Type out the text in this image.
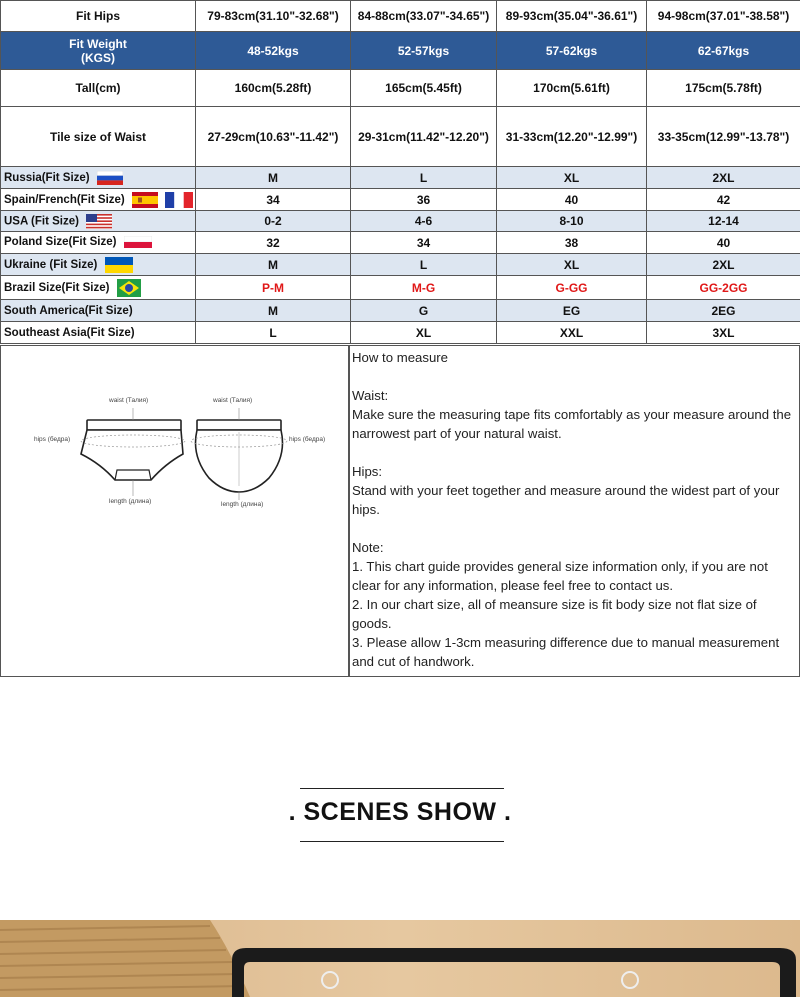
Fit Hips	79-83cm(31.10"-32.68")	84-88cm(33.07"-34.65")	89-93cm(35.04"-36.61")	94-98cm(37.01"-38.58")

Fit Weight
(KGS)	48-52kgs	52-57kgs	57-62kgs	62-67kgs
Tall(cm)	160cm(5.28ft)	165cm(5.45ft)	170cm(5.61ft)	175cm(5.78ft)
Tile size of Waist	27-29cm(10.63"-11.42")	29-31cm(11.42"-12.20")	31-33cm(12.20"-12.99")	33-35cm(12.99"-13.78")
Russia(Fit Size)	M	L	XL	2XL
Spain/French(Fit Size)	34	36	40	42
USA (Fit Size)	0-2	4-6	8-10	12-14
Poland Size(Fit Size)	32	34	38	40
Ukraine (Fit Size)	M	L	XL	2XL
Brazil Size(Fit Size)	P-M	M-G	G-GG	GG-2GG
South America(Fit Size)	M	G	EG	2EG
Southeast Asia(Fit Size)	L	XL	XXL	3XL
waist (Талия)	waist (Талия)
hips (бедра)	hips (бедра)
length (длина)	length (длина)

How to measure

Waist:

Make sure the measuring tape fits comfortably as your measure around the narrowest part of your natural waist.

Hips:

Stand with your feet together and measure around the widest part of your hips.

Note:

1. This chart guide provides general size information only, if you are not clear for any information, please feel free to contact us.

2. In our chart size, all of meansure size is fit body size not flat size of goods.

3. Please allow 1-3cm measuring difference due to manual measurement and cut of handwork.

. SCENES SHOW .
